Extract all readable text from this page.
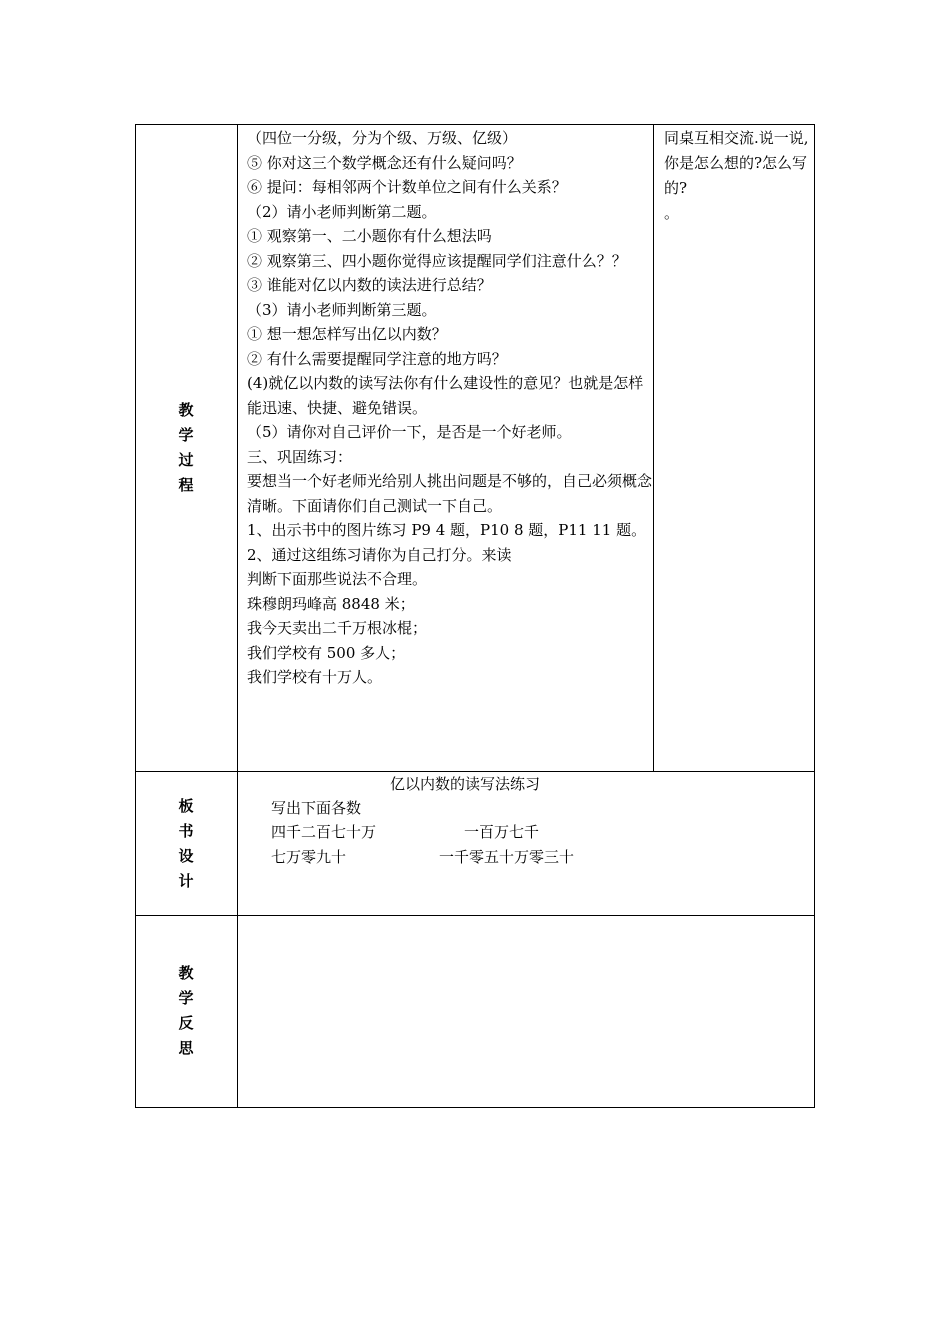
教
学
过
程
（四位一分级，分为个级、万级、亿级）
⑤ 你对这三个数学概念还有什么疑问吗？
⑥ 提问：每相邻两个计数单位之间有什么关系？
（2）请小老师判断第二题。
① 观察第一、二小题你有什么想法吗
② 观察第三、四小题你觉得应该提醒同学们注意什么？？
③ 谁能对亿以内数的读法进行总结？
（3）请小老师判断第三题。
① 想一想怎样写出亿以内数？
② 有什么需要提醒同学注意的地方吗？
(4)就亿以内数的读写法你有什么建设性的意见？也就是怎样能迅速、快捷、避免错误。
（5）请你对自己评价一下，是否是一个好老师。
三、巩固练习：
要想当一个好老师光给别人挑出问题是不够的，自己必须概念清晰。下面请你们自己测试一下自己。
1、出示书中的图片练习 P9 4 题，P10 8 题，P11 11 题。
2、通过这组练习请你为自己打分。来读
判断下面那些说法不合理。
珠穆朗玛峰高 8848 米；
我今天卖出二千万根冰棍；
我们学校有 500 多人；
我们学校有十万人。
同桌互相交流.说一说,你是怎么想的?怎么写的?
。
板
书
设
计
亿以内数的读写法练习
写出下面各数
四千二百七十万	一百万七千
七万零九十	一千零五十万零三十
教
学
反
思
